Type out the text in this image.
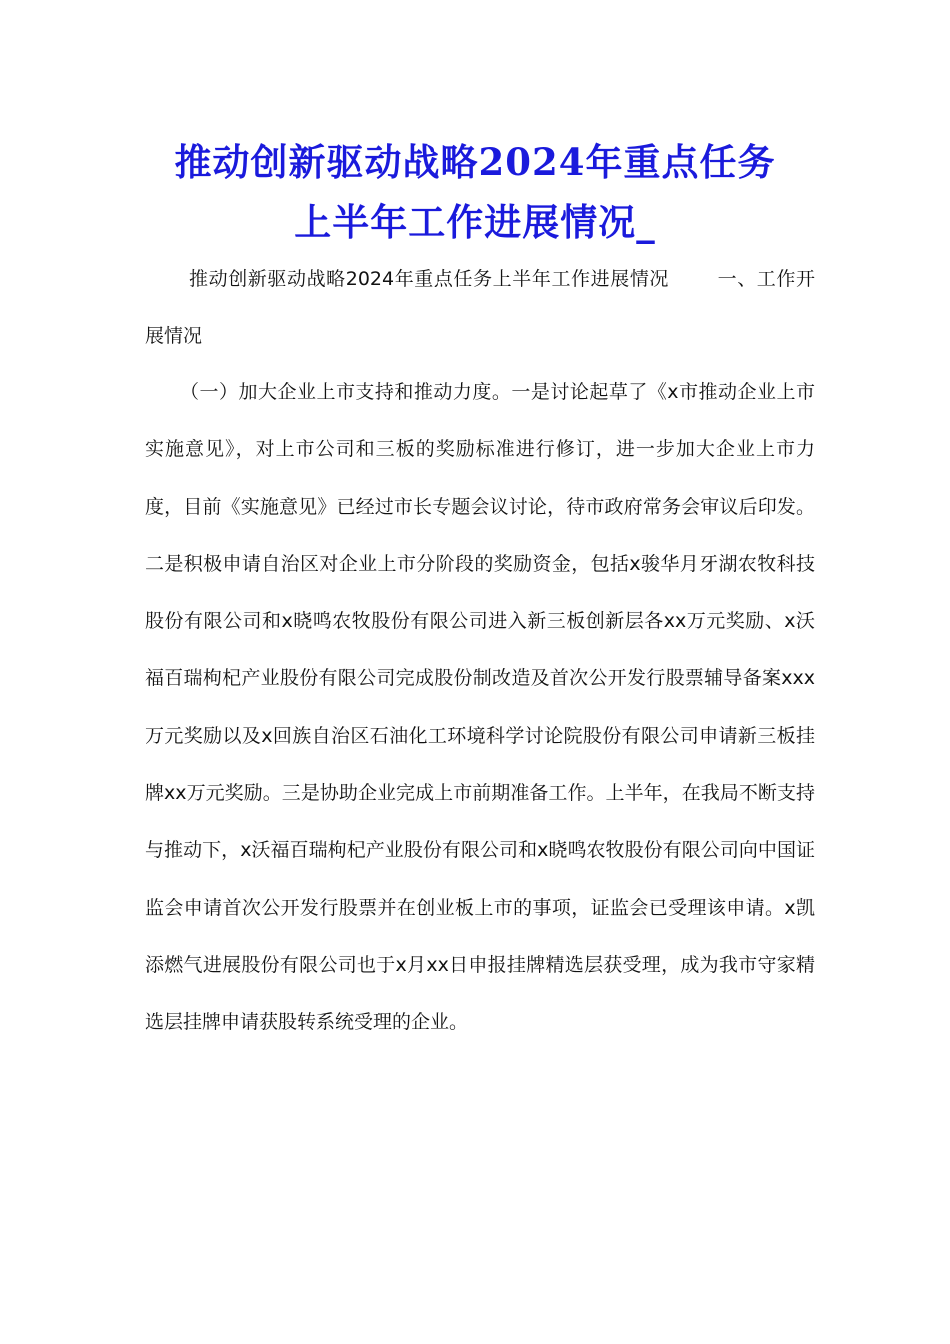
推动创新驱动战略2024年重点任务
上半年工作进展情况_

推动创新驱动战略2024年重点任务上半年工作进展情况	一、工作开展情况

（一）加大企业上市支持和推动力度。一是讨论起草了《x市推动企业上市实施意见》，对上市公司和三板的奖励标准进行修订，进一步加大企业上市力度，目前《实施意见》已经过市长专题会议讨论，待市政府常务会审议后印发。二是积极申请自治区对企业上市分阶段的奖励资金，包括x骏华月牙湖农牧科技股份有限公司和x晓鸣农牧股份有限公司进入新三板创新层各xx万元奖励、x沃福百瑞枸杞产业股份有限公司完成股份制改造及首次公开发行股票辅导备案xxx万元奖励以及x回族自治区石油化工环境科学讨论院股份有限公司申请新三板挂牌xx万元奖励。三是协助企业完成上市前期准备工作。上半年，在我局不断支持与推动下，x沃福百瑞枸杞产业股份有限公司和x晓鸣农牧股份有限公司向中国证监会申请首次公开发行股票并在创业板上市的事项，证监会已受理该申请。x凯添燃气进展股份有限公司也于x月xx日申报挂牌精选层获受理，成为我市守家精选层挂牌申请获股转系统受理的企业。
